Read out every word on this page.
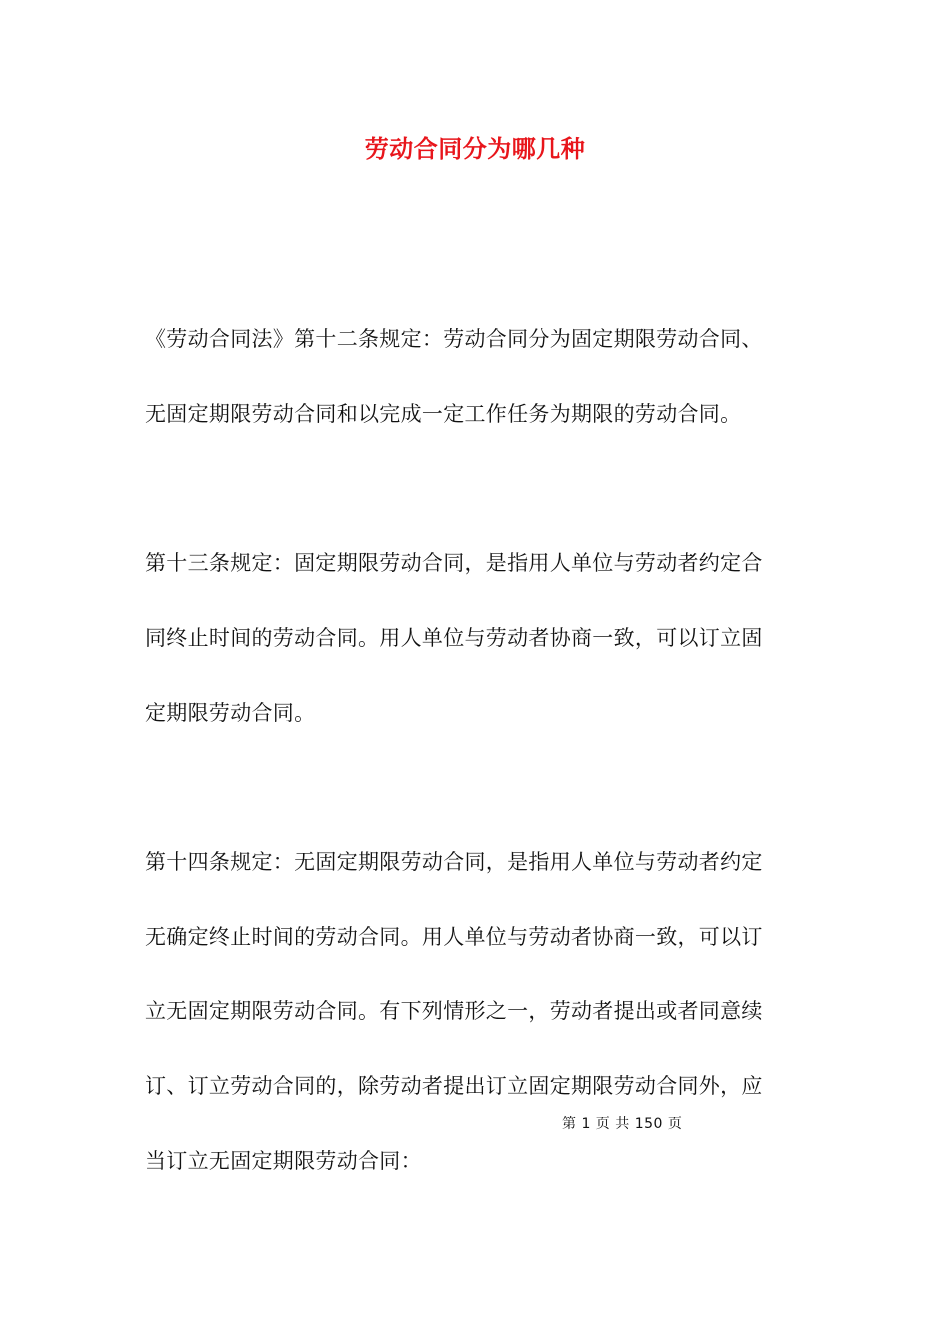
劳动合同分为哪几种
《劳动合同法》第十二条规定：劳动合同分为固定期限劳动合同、
无固定期限劳动合同和以完成一定工作任务为期限的劳动合同。
第十三条规定：固定期限劳动合同，是指用人单位与劳动者约定合
同终止时间的劳动合同。用人单位与劳动者协商一致，可以订立固
定期限劳动合同。
第十四条规定：无固定期限劳动合同，是指用人单位与劳动者约定
无确定终止时间的劳动合同。用人单位与劳动者协商一致，可以订
立无固定期限劳动合同。有下列情形之一，劳动者提出或者同意续
订、订立劳动合同的，除劳动者提出订立固定期限劳动合同外，应
第 1 页 共 150 页
当订立无固定期限劳动合同：
